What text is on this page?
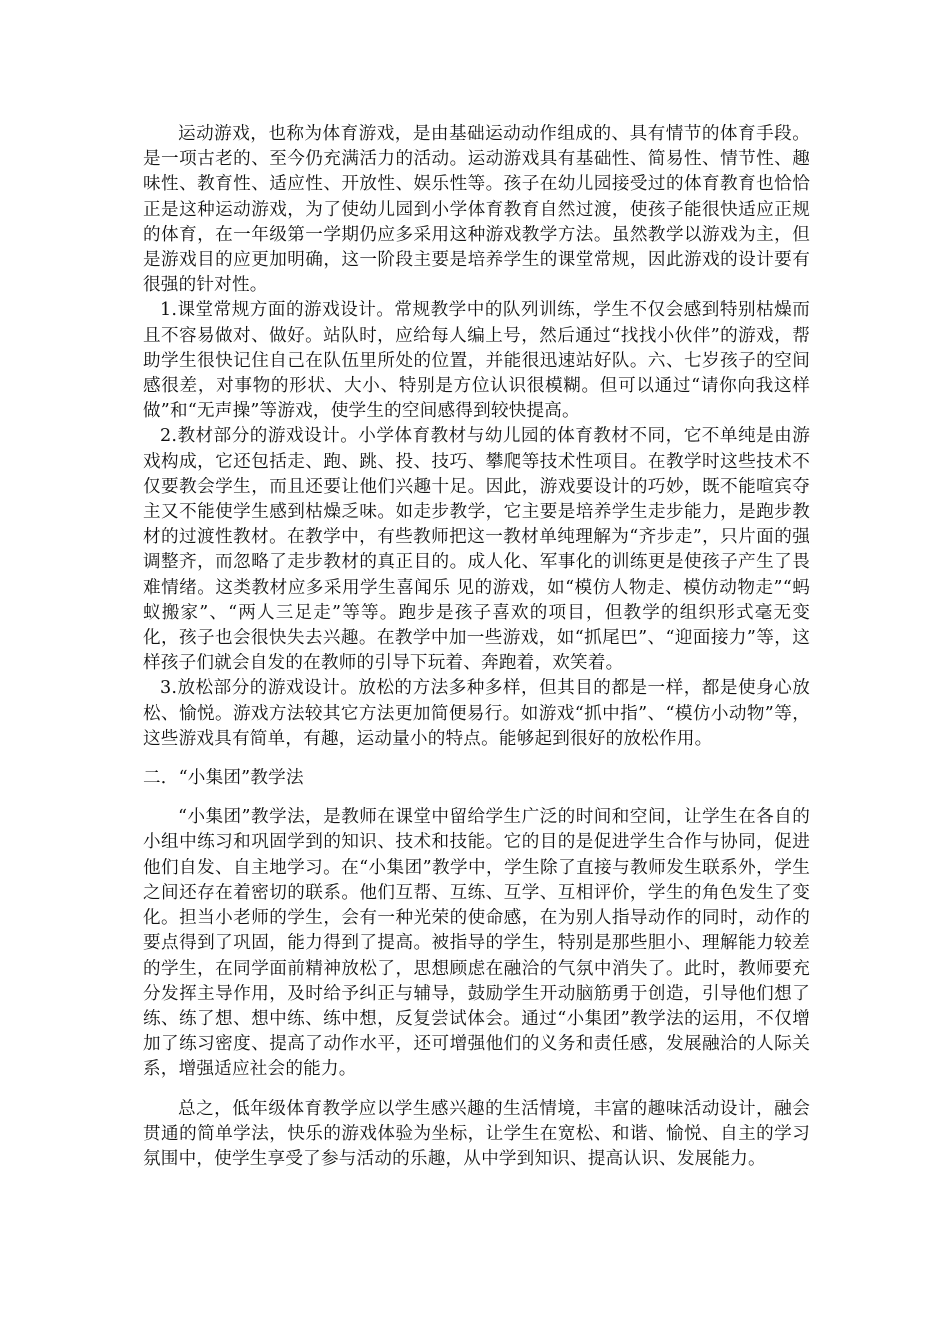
运动游戏，也称为体育游戏，是由基础运动动作组成的、具有情节的体育手段。是一项古老的、至今仍充满活力的活动。运动游戏具有基础性、简易性、情节性、趣味性、教育性、适应性、开放性、娱乐性等。孩子在幼儿园接受过的体育教育也恰恰正是这种运动游戏，为了使幼儿园到小学体育教育自然过渡，使孩子能很快适应正规的体育，在一年级第一学期仍应多采用这种游戏教学方法。虽然教学以游戏为主，但是游戏目的应更加明确，这一阶段主要是培养学生的课堂常规，因此游戏的设计要有很强的针对性。

1.课堂常规方面的游戏设计。常规教学中的队列训练，学生不仅会感到特别枯燥而且不容易做对、做好。站队时，应给每人编上号，然后通过“找找小伙伴”的游戏，帮助学生很快记住自己在队伍里所处的位置，并能很迅速站好队。六、七岁孩子的空间感很差，对事物的形状、大小、特别是方位认识很模糊。但可以通过“请你向我这样做”和“无声操”等游戏，使学生的空间感得到较快提高。

2.教材部分的游戏设计。小学体育教材与幼儿园的体育教材不同，它不单纯是由游戏构成，它还包括走、跑、跳、投、技巧、攀爬等技术性项目。在教学时这些技术不仅要教会学生，而且还要让他们兴趣十足。因此，游戏要设计的巧妙，既不能喧宾夺主又不能使学生感到枯燥乏味。如走步教学，它主要是培养学生走步能力，是跑步教材的过渡性教材。在教学中，有些教师把这一教材单纯理解为“齐步走”，只片面的强调整齐，而忽略了走步教材的真正目的。成人化、军事化的训练更是使孩子产生了畏难情绪。这类教材应多采用学生喜闻乐 见的游戏，如“模仿人物走、模仿动物走”“蚂蚁搬家”、“两人三足走”等等。跑步是孩子喜欢的项目，但教学的组织形式毫无变化，孩子也会很快失去兴趣。在教学中加一些游戏，如“抓尾巴”、“迎面接力”等，这样孩子们就会自发的在教师的引导下玩着、奔跑着，欢笑着。

3.放松部分的游戏设计。放松的方法多种多样，但其目的都是一样，都是使身心放松、愉悦。游戏方法较其它方法更加简便易行。如游戏“抓中指”、“模仿小动物”等，这些游戏具有简单，有趣，运动量小的特点。能够起到很好的放松作用。

二．“小集团”教学法

“小集团”教学法，是教师在课堂中留给学生广泛的时间和空间，让学生在各自的小组中练习和巩固学到的知识、技术和技能。它的目的是促进学生合作与协同，促进他们自发、自主地学习。在“小集团”教学中，学生除了直接与教师发生联系外，学生之间还存在着密切的联系。他们互帮、互练、互学、互相评价，学生的角色发生了变化。担当小老师的学生，会有一种光荣的使命感，在为别人指导动作的同时，动作的要点得到了巩固，能力得到了提高。被指导的学生，特别是那些胆小、理解能力较差的学生，在同学面前精神放松了，思想顾虑在融洽的气氛中消失了。此时，教师要充分发挥主导作用，及时给予纠正与辅导，鼓励学生开动脑筋勇于创造，引导他们想了练、练了想、想中练、练中想，反复尝试体会。通过“小集团”教学法的运用，不仅增加了练习密度、提高了动作水平，还可增强他们的义务和责任感，发展融洽的人际关系，增强适应社会的能力。

总之，低年级体育教学应以学生感兴趣的生活情境，丰富的趣味活动设计，融会贯通的简单学法，快乐的游戏体验为坐标，让学生在宽松、和谐、愉悦、自主的学习氛围中，使学生享受了参与活动的乐趣，从中学到知识、提高认识、发展能力。
